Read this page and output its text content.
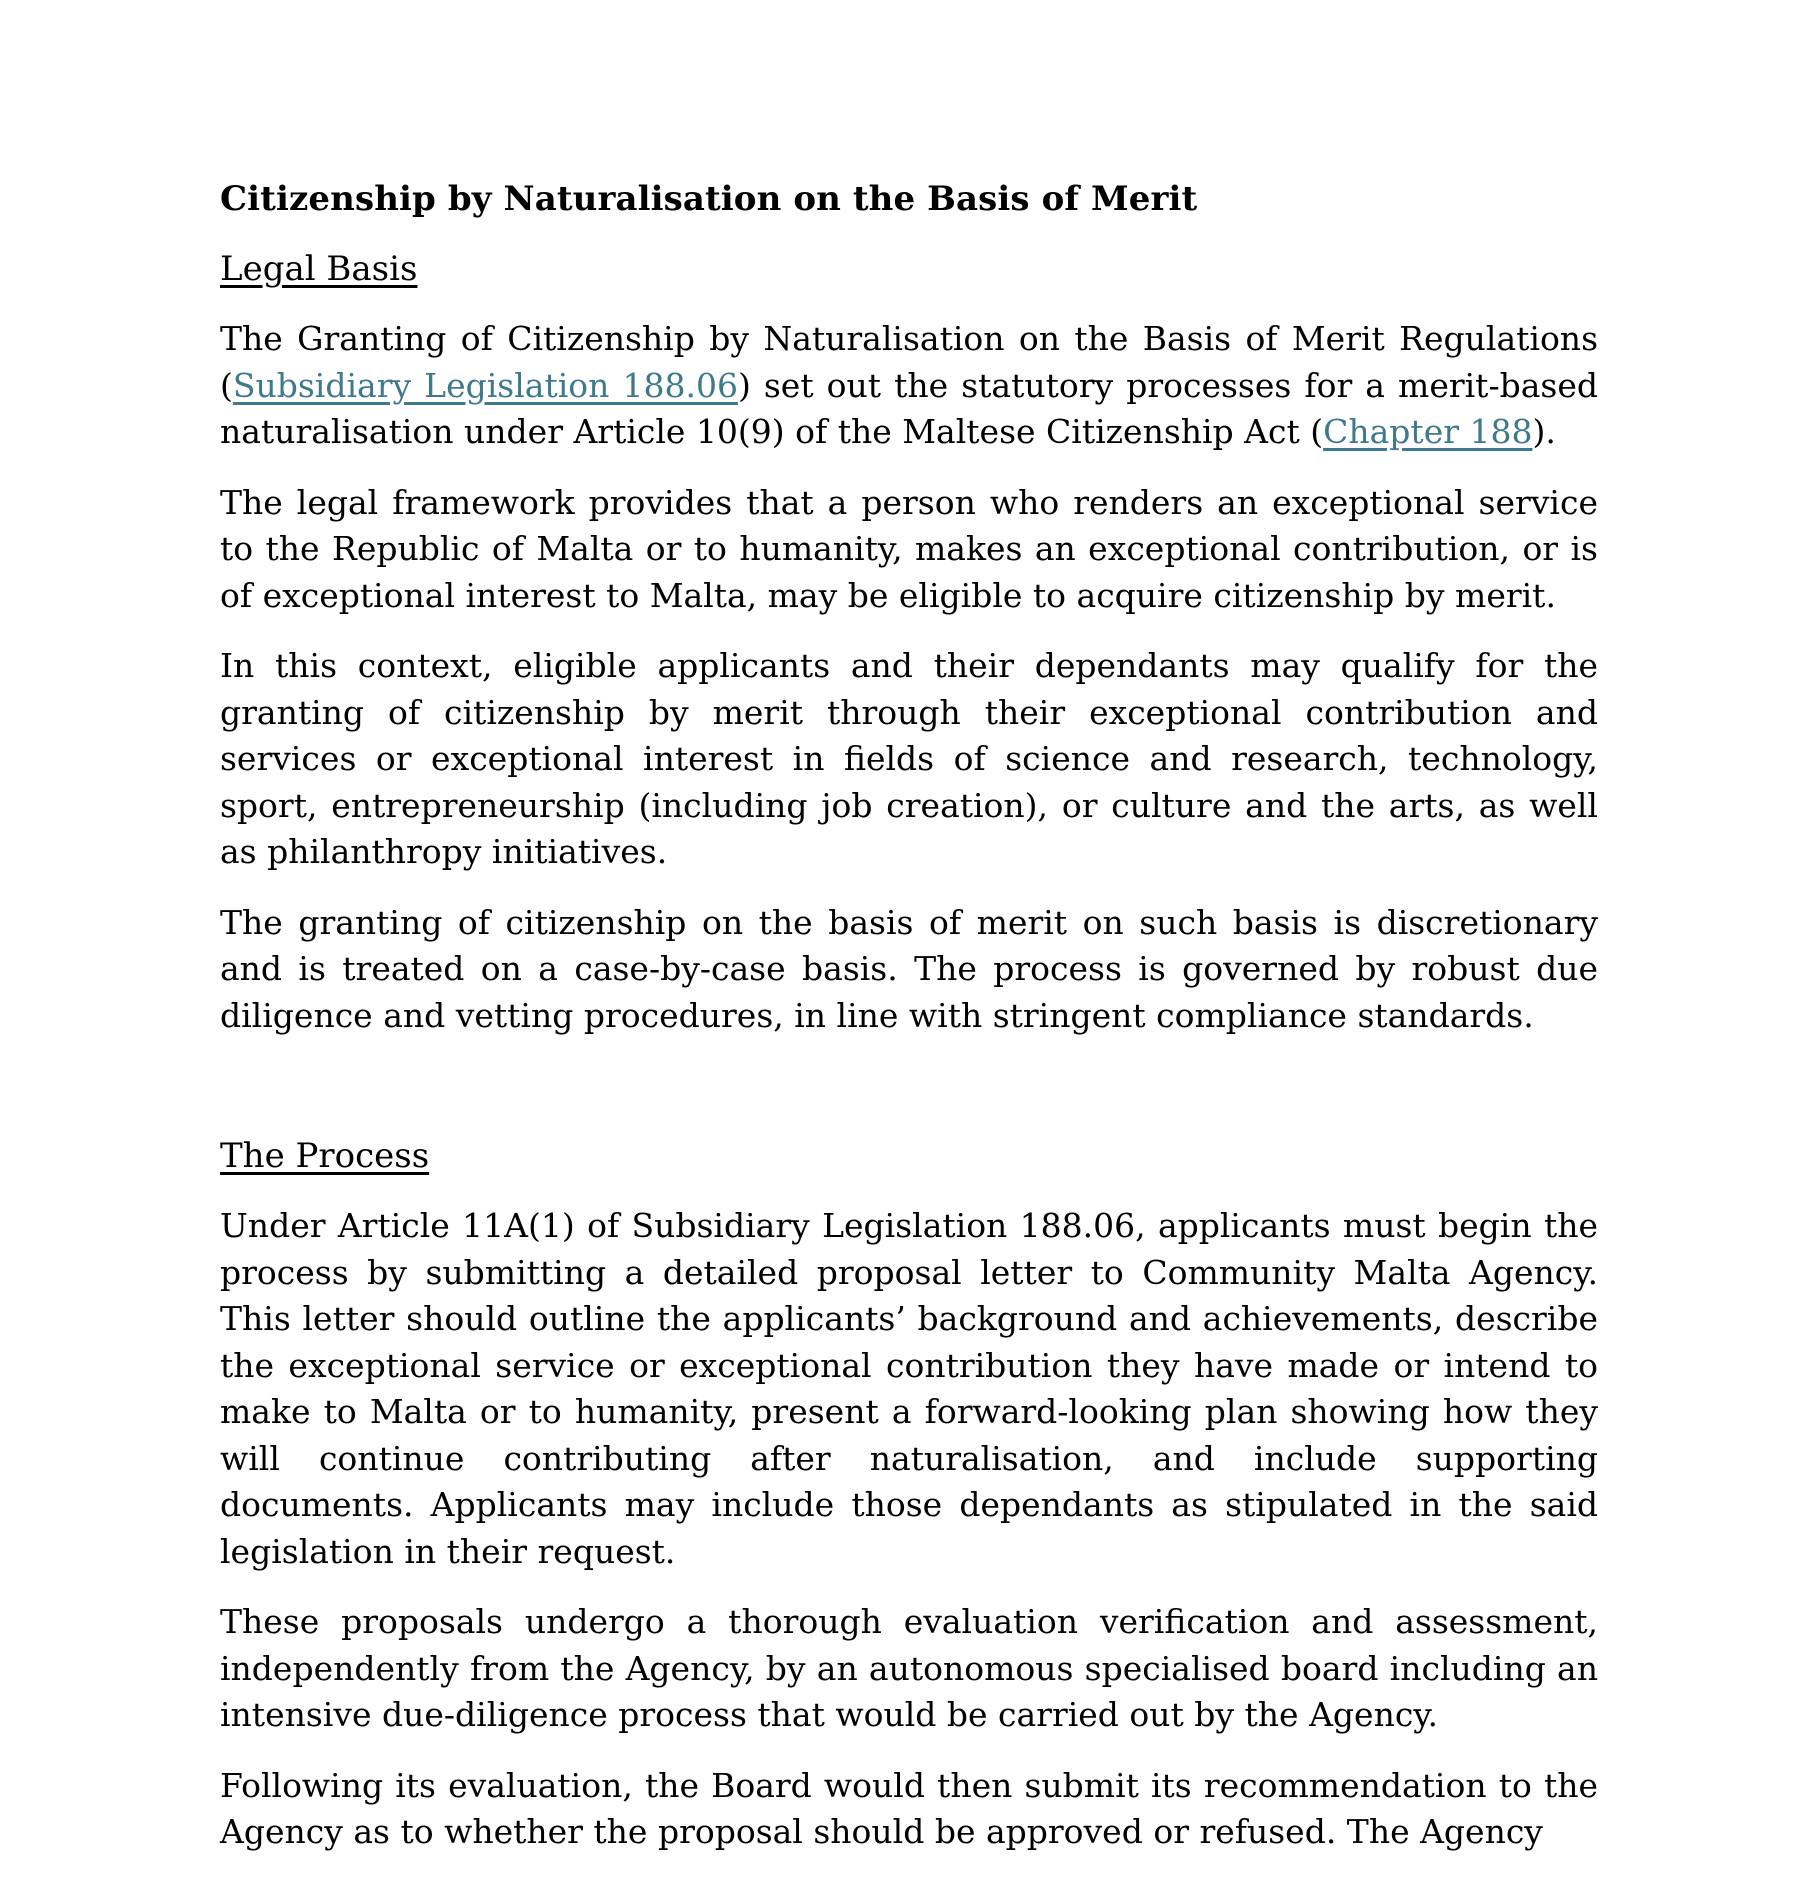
Citizenship by Naturalisation on the Basis of Merit
Legal Basis

The Granting of Citizenship by Naturalisation on the Basis of Merit Regulations (Subsidiary Legislation 188.06) set out the statutory processes for a merit-based naturalisation under Article 10(9) of the Maltese Citizenship Act (Chapter 188).

The legal framework provides that a person who renders an exceptional service to the Republic of Malta or to humanity, makes an exceptional contribution, or is of exceptional interest to Malta, may be eligible to acquire citizenship by merit.

In this context, eligible applicants and their dependants may qualify for the granting of citizenship by merit through their exceptional contribution and services or exceptional interest in fields of science and research, technology, sport, entrepreneurship (including job creation), or culture and the arts, as well as philanthropy initiatives.

The granting of citizenship on the basis of merit on such basis is discretionary and is treated on a case-by-case basis. The process is governed by robust due diligence and vetting procedures, in line with stringent compliance standards.

The Process

Under Article 11A(1) of Subsidiary Legislation 188.06, applicants must begin the process by submitting a detailed proposal letter to Community Malta Agency. This letter should outline the applicants’ background and achievements, describe the exceptional service or exceptional contribution they have made or intend to make to Malta or to humanity, present a forward-looking plan showing how they will continue contributing after naturalisation, and include supporting documents. Applicants may include those dependants as stipulated in the said legislation in their request.

These proposals undergo a thorough evaluation verification and assessment, independently from the Agency, by an autonomous specialised board including an intensive due-diligence process that would be carried out by the Agency.

Following its evaluation, the Board would then submit its recommendation to the Agency as to whether the proposal should be approved or refused. The Agency
